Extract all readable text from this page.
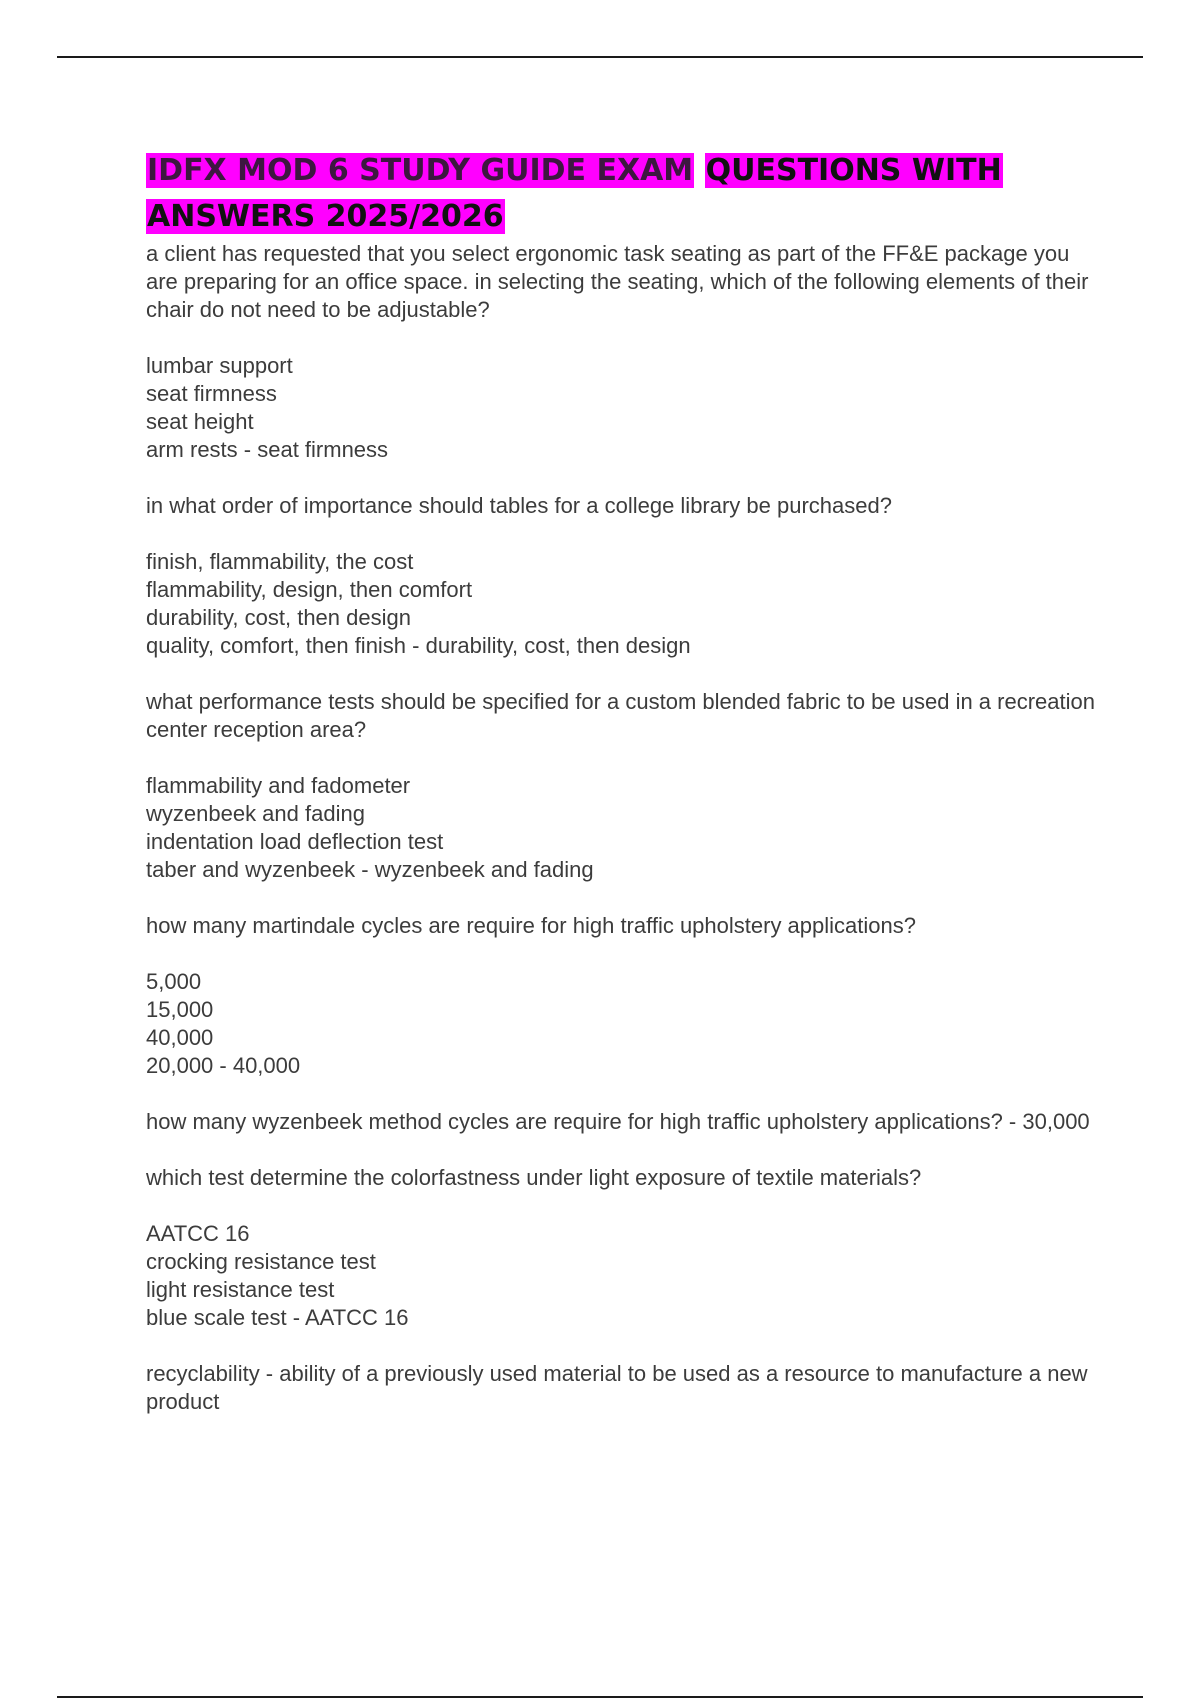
IDFX MOD 6 STUDY GUIDE EXAM QUESTIONS WITH ANSWERS 2025/2026

a client has requested that you select ergonomic task seating as part of the FF&E package you are preparing for an office space. in selecting the seating, which of the following elements of their chair do not need to be adjustable?

lumbar support
seat firmness
seat height
arm rests - seat firmness

in what order of importance should tables for a college library be purchased?

finish, flammability, the cost
flammability, design, then comfort
durability, cost, then design
quality, comfort, then finish - durability, cost, then design

what performance tests should be specified for a custom blended fabric to be used in a recreation center reception area?

flammability and fadometer
wyzenbeek and fading
indentation load deflection test
taber and wyzenbeek - wyzenbeek and fading

how many martindale cycles are require for high traffic upholstery applications?

5,000
15,000
40,000
20,000 - 40,000

how many wyzenbeek method cycles are require for high traffic upholstery applications? - 30,000

which test determine the colorfastness under light exposure of textile materials?

AATCC 16
crocking resistance test
light resistance test
blue scale test - AATCC 16

recyclability - ability of a previously used material to be used as a resource to manufacture a new product
